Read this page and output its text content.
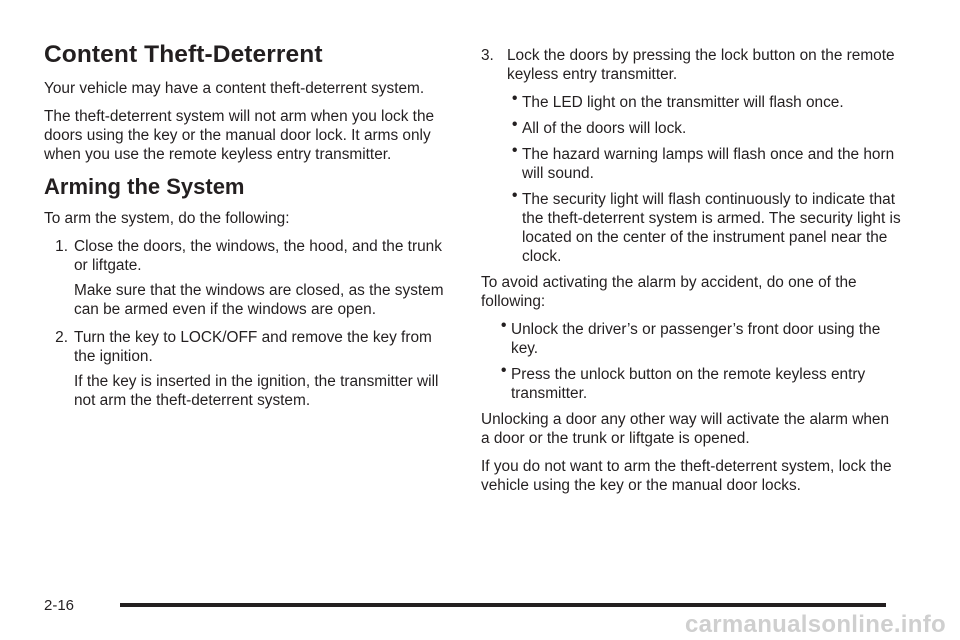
Content Theft-Deterrent

Your vehicle may have a content theft-deterrent system.

The theft-deterrent system will not arm when you lock the doors using the key or the manual door lock. It arms only when you use the remote keyless entry transmitter.

Arming the System

To arm the system, do the following:

1. Close the doors, the windows, the hood, and the trunk or liftgate.

Make sure that the windows are closed, as the system can be armed even if the windows are open.

2. Turn the key to LOCK/OFF and remove the key from the ignition.

If the key is inserted in the ignition, the transmitter will not arm the theft-deterrent system.

3. Lock the doors by pressing the lock button on the remote keyless entry transmitter.
• The LED light on the transmitter will flash once.
• All of the doors will lock.
• The hazard warning lamps will flash once and the horn will sound.
• The security light will flash continuously to indicate that the theft-deterrent system is armed. The security light is located on the center of the instrument panel near the clock.

To avoid activating the alarm by accident, do one of the following:

• Unlock the driver’s or passenger’s front door using the key.
• Press the unlock button on the remote keyless entry transmitter.

Unlocking a door any other way will activate the alarm when a door or the trunk or liftgate is opened.

If you do not want to arm the theft-deterrent system, lock the vehicle using the key or the manual door locks.

2-16
carmanualsonline.info
